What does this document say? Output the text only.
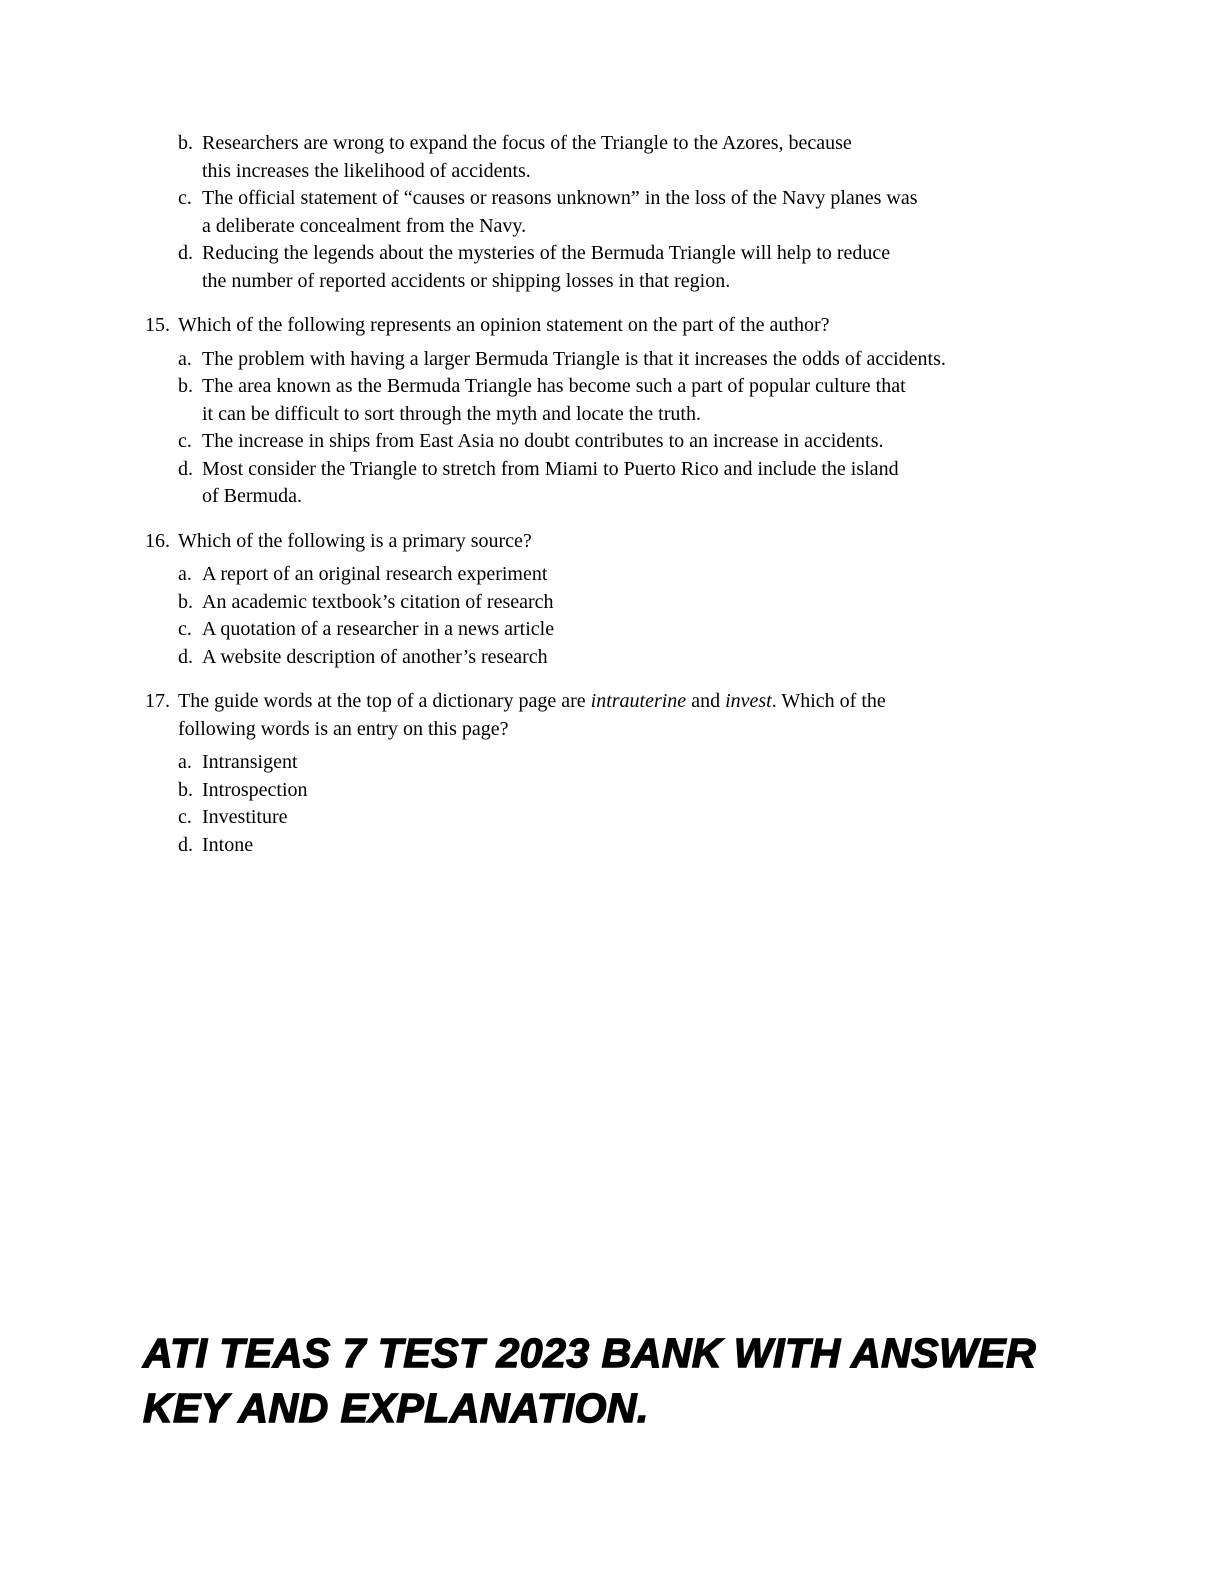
b. Researchers are wrong to expand the focus of the Triangle to the Azores, because
this increases the likelihood of accidents.
c. The official statement of “causes or reasons unknown” in the loss of the Navy planes was
a deliberate concealment from the Navy.
d. Reducing the legends about the mysteries of the Bermuda Triangle will help to reduce
the number of reported accidents or shipping losses in that region.
15. Which of the following represents an opinion statement on the part of the author?
a. The problem with having a larger Bermuda Triangle is that it increases the odds of accidents.
b. The area known as the Bermuda Triangle has become such a part of popular culture that
it can be difficult to sort through the myth and locate the truth.
c. The increase in ships from East Asia no doubt contributes to an increase in accidents.
d. Most consider the Triangle to stretch from Miami to Puerto Rico and include the island
of Bermuda.
16. Which of the following is a primary source?
a. A report of an original research experiment
b. An academic textbook’s citation of research
c. A quotation of a researcher in a news article
d. A website description of another’s research
17. The guide words at the top of a dictionary page are intrauterine and invest. Which of the
following words is an entry on this page?
a. Intransigent
b. Introspection
c. Investiture
d. Intone
ATI TEAS 7 TEST 2023 BANK WITH ANSWER
KEY AND EXPLANATION.
